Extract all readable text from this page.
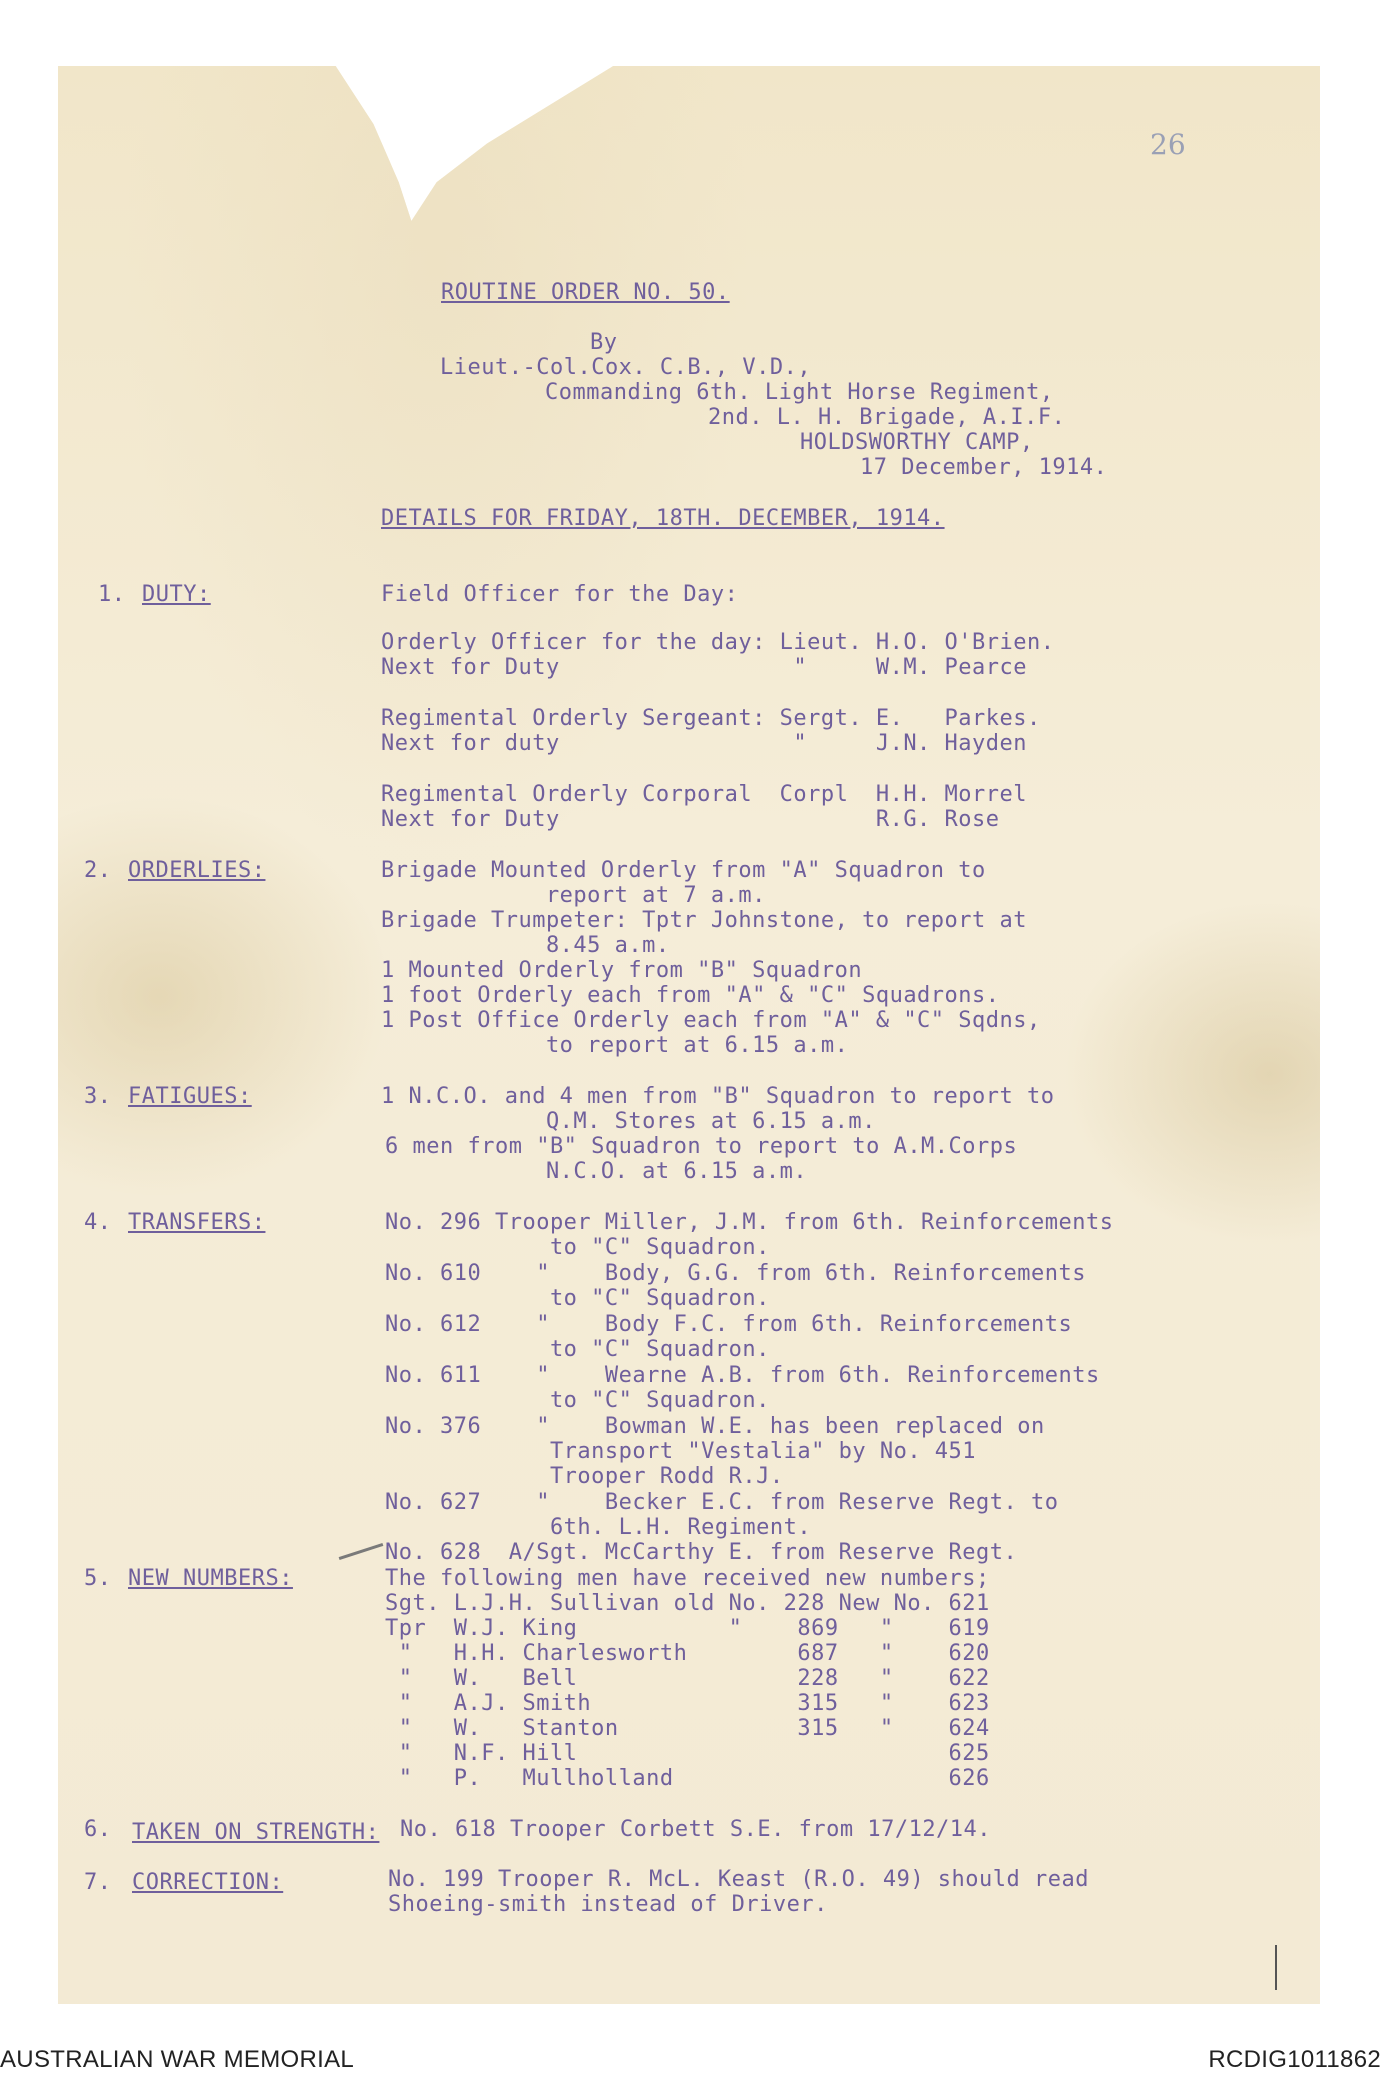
26
ROUTINE ORDER NO. 50.
By
Lieut.-Col.Cox. C.B., V.D.,
Commanding 6th. Light Horse Regiment,
2nd. L. H. Brigade, A.I.F.
HOLDSWORTHY CAMP,
17 December, 1914.
DETAILS FOR FRIDAY, 18TH. DECEMBER, 1914.
1. DUTY:	Field Officer for the Day:
Orderly Officer for the day: Lieut. H.O. O'Brien.
Next for Duty                 "     W.M. Pearce
Regimental Orderly Sergeant: Sergt. E.   Parkes.
Next for duty                 "     J.N. Hayden
Regimental Orderly Corporal  Corpl  H.H. Morrel
Next for Duty                       R.G. Rose
2. ORDERLIES:	Brigade Mounted Orderly from "A" Squadron to
report at 7 a.m.
Brigade Trumpeter: Tptr Johnstone, to report at
8.45 a.m.
1 Mounted Orderly from "B" Squadron
1 foot Orderly each from "A" & "C" Squadrons.
1 Post Office Orderly each from "A" & "C" Sqdns,
to report at 6.15 a.m.
3. FATIGUES:	1 N.C.O. and 4 men from "B" Squadron to report to
Q.M. Stores at 6.15 a.m.
6 men from "B" Squadron to report to A.M.Corps
N.C.O. at 6.15 a.m.
4. TRANSFERS:	No. 296 Trooper Miller, J.M. from 6th. Reinforcements
to "C" Squadron.
No. 610    "    Body, G.G. from 6th. Reinforcements
to "C" Squadron.
No. 612    "    Body F.C. from 6th. Reinforcements
to "C" Squadron.
No. 611    "    Wearne A.B. from 6th. Reinforcements
to "C" Squadron.
No. 376    "    Bowman W.E. has been replaced on
Transport "Vestalia" by No. 451
Trooper Rodd R.J.
No. 627    "    Becker E.C. from Reserve Regt. to
6th. L.H. Regiment.
No. 628  A/Sgt. McCarthy E. from Reserve Regt.
5. NEW NUMBERS:	The following men have received new numbers;
Sgt. L.J.H. Sullivan old No. 228 New No. 621
Tpr  W.J. King           "    869   "    619
"   H.H. Charlesworth        687   "    620
"   W.   Bell                228   "    622
"   A.J. Smith               315   "    623
"   W.   Stanton             315   "    624
"   N.F. Hill                           625
"   P.   Mullholland                    626
6. TAKEN ON STRENGTH: No. 618 Trooper Corbett S.E. from 17/12/14.
7. CORRECTION:	No. 199 Trooper R. McL. Keast (R.O. 49) should read
Shoeing-smith instead of Driver.
AUSTRALIAN WAR MEMORIAL	RCDIG1011862
